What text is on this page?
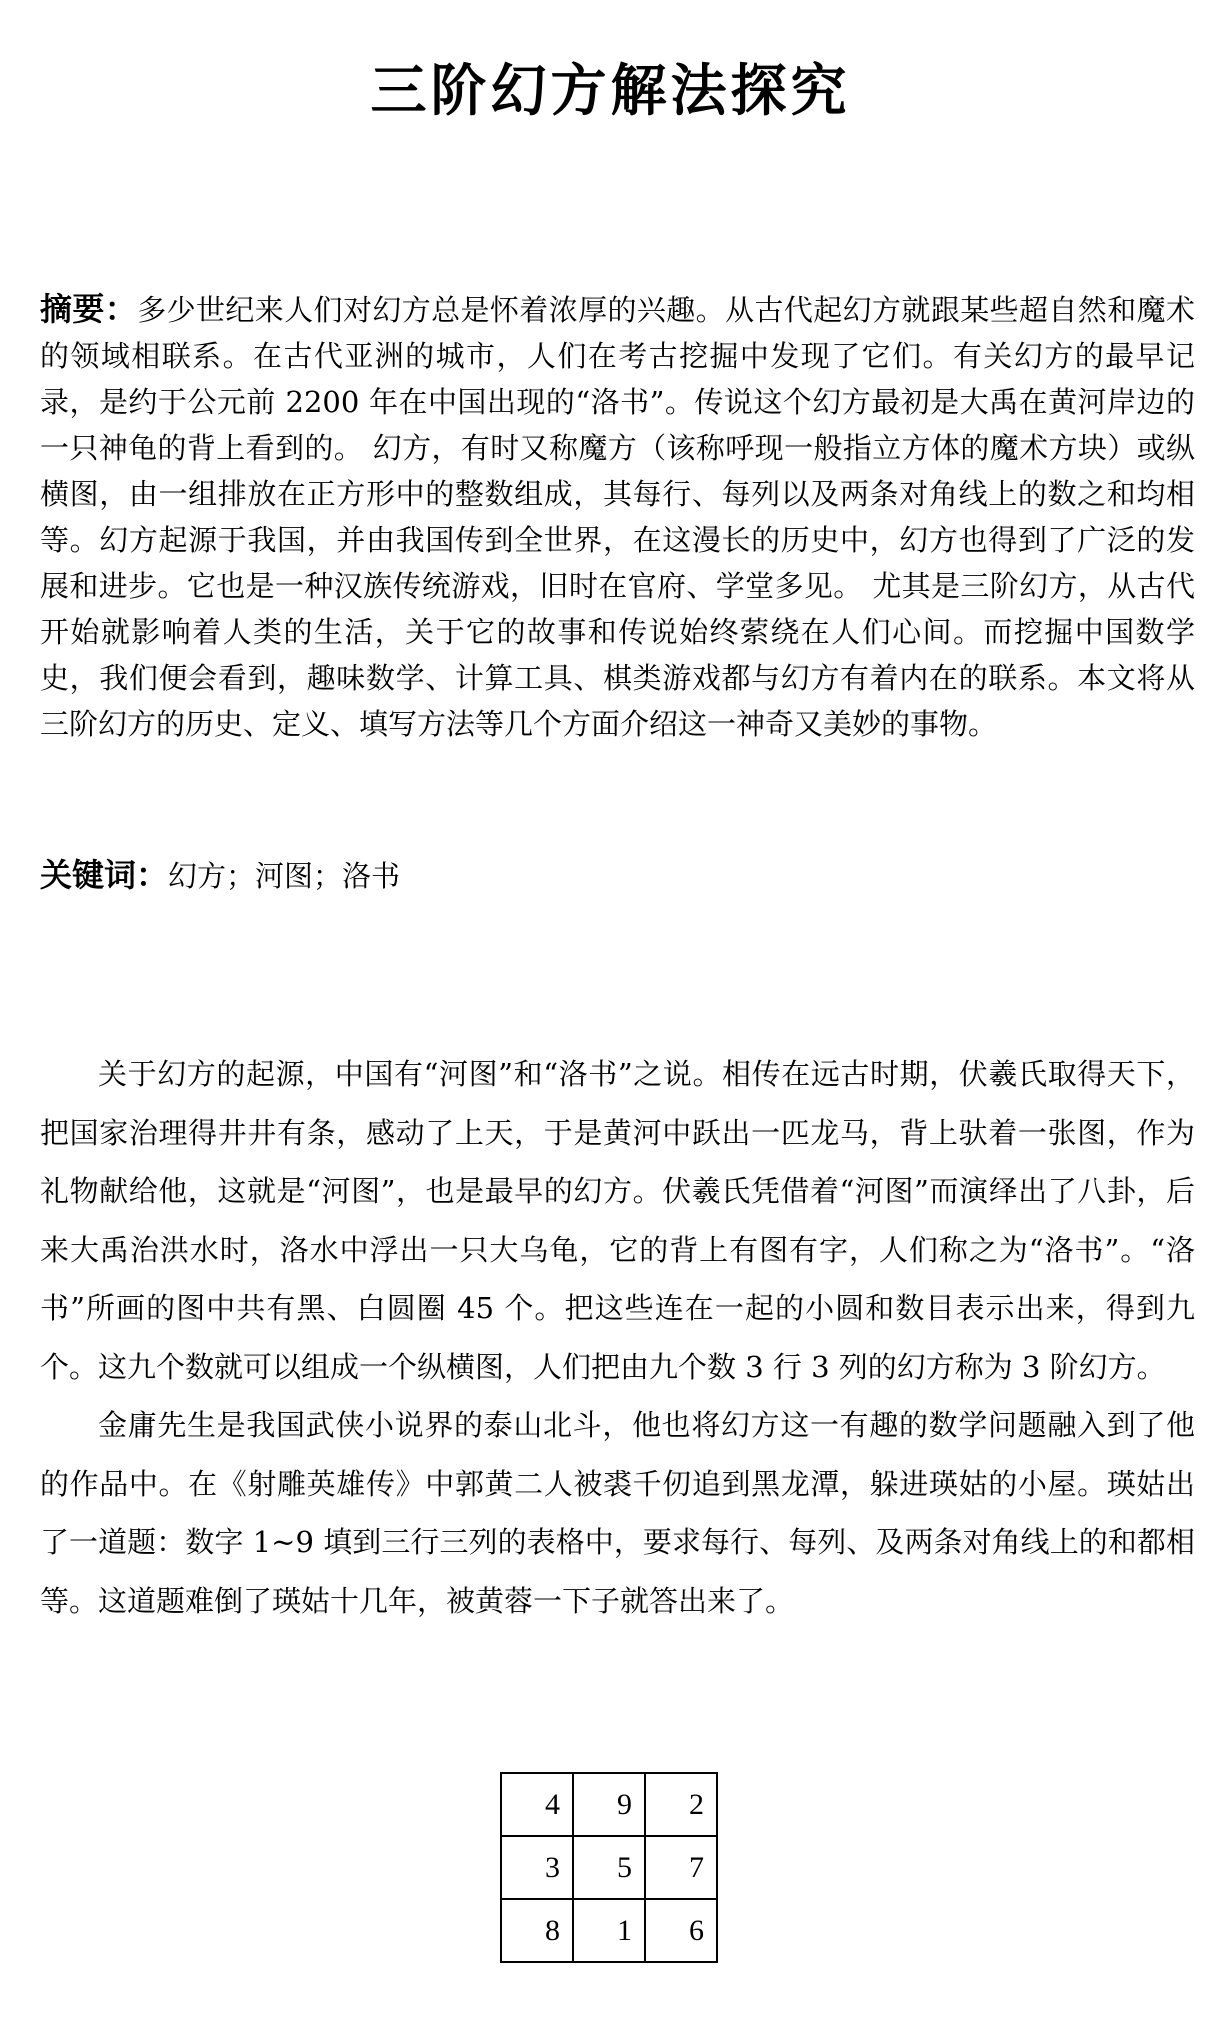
三阶幻方解法探究
摘要：多少世纪来人们对幻方总是怀着浓厚的兴趣。从古代起幻方就跟某些超自然和魔术的领域相联系。在古代亚洲的城市，人们在考古挖掘中发现了它们。有关幻方的最早记录，是约于公元前 2200 年在中国出现的“洛书”。传说这个幻方最初是大禹在黄河岸边的一只神龟的背上看到的。 幻方，有时又称魔方（该称呼现一般指立方体的魔术方块）或纵横图，由一组排放在正方形中的整数组成，其每行、每列以及两条对角线上的数之和均相等。幻方起源于我国，并由我国传到全世界，在这漫长的历史中，幻方也得到了广泛的发展和进步。它也是一种汉族传统游戏，旧时在官府、学堂多见。 尤其是三阶幻方，从古代开始就影响着人类的生活，关于它的故事和传说始终萦绕在人们心间。而挖掘中国数学史，我们便会看到，趣味数学、计算工具、棋类游戏都与幻方有着内在的联系。本文将从三阶幻方的历史、定义、填写方法等几个方面介绍这一神奇又美妙的事物。
关键词：幻方；河图；洛书

关于幻方的起源，中国有“河图”和“洛书”之说。相传在远古时期，伏羲氏取得天下，把国家治理得井井有条，感动了上天，于是黄河中跃出一匹龙马，背上驮着一张图，作为礼物献给他，这就是“河图”，也是最早的幻方。伏羲氏凭借着“河图”而演绎出了八卦，后来大禹治洪水时，洛水中浮出一只大乌龟，它的背上有图有字，人们称之为“洛书”。“洛书”所画的图中共有黑、白圆圈 45 个。把这些连在一起的小圆和数目表示出来，得到九个。这九个数就可以组成一个纵横图，人们把由九个数 3 行 3 列的幻方称为 3 阶幻方。

金庸先生是我国武侠小说界的泰山北斗，他也将幻方这一有趣的数学问题融入到了他的作品中。在《射雕英雄传》中郭黄二人被裘千仞追到黑龙潭，躲进瑛姑的小屋。瑛姑出了一道题：数字 1~9 填到三行三列的表格中，要求每行、每列、及两条对角线上的和都相等。这道题难倒了瑛姑十几年，被黄蓉一下子就答出来了。

4	9	2
3	5	7
8	1	6
